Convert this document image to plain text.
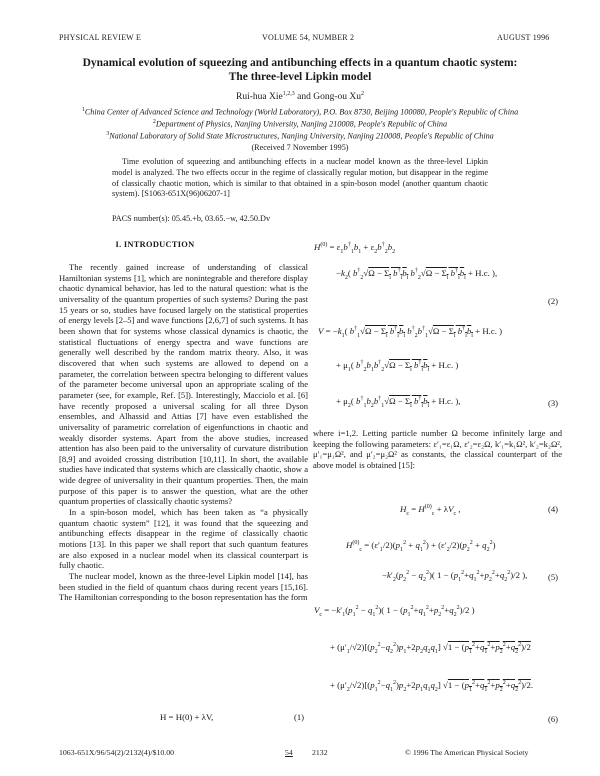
PHYSICAL REVIEW E	VOLUME 54, NUMBER 2	AUGUST 1996
Dynamical evolution of squeezing and antibunching effects in a quantum chaotic system:
The three-level Lipkin model
Rui-hua Xie$^{1,2,3}$ and Gong-ou Xu$^2$
$^1$China Center of Advanced Science and Technology (World Laboratory), P.O. Box 8730, Beijing 100080, People's Republic of China
$^2$Department of Physics, Nanjing University, Nanjing 210008, People's Republic of China
$^3$National Laboratory of Solid State Microstructures, Nanjing University, Nanjing 210008, People's Republic of China
(Received 7 November 1995)

Time evolution of squeezing and antibunching effects in a nuclear model known as the three-level Lipkin model is analyzed. The two effects occur in the regime of classically regular motion, but disappear in the regime of classically chaotic motion, which is similar to that obtained in a spin-boson model (another quantum chaotic system). [S1063-651X(96)06207-1]

PACS number(s): 05.45.+b, 03.65.−w, 42.50.Dv
I. INTRODUCTION

The recently gained increase of understanding of classical Hamiltonian systems [1], which are nonintegrable and therefore display chaotic dynamical behavior, has led to the natural question: what is the universality of the quantum properties of such systems? During the past 15 years or so, studies have focused largely on the statistical properties of energy levels [2–5] and wave functions [2,6,7] of such systems. It has been shown that for systems whose classical dynamics is chaotic, the statistical fluctuations of energy spectra and wave functions are generally well described by the random matrix theory. Also, it was discovered that when such systems are allowed to depend on a parameter, the correlation between spectra belonging to different values of the parameter become universal upon an appropriate scaling of the parameter (see, for example, Ref. [5]). Interestingly, Macciolo et al. [6] have recently proposed a universal scaling for all three Dyson ensembles, and Alhassid and Attias [7] have even established the universality of parametric correlation of eigenfunctions in chaotic and weakly disorder systems. Apart from the above studies, increased attention has also been paid to the universality of curvature distribution [8,9] and avoided crossing distribution [10,11]. In short, the available studies have indicated that systems which are classically chaotic, show a wide degree of universality in their quantum properties. Then, the main purpose of this paper is to answer the question, what are the other quantum properties of classically chaotic systems?

In a spin-boson model, which has been taken as “a physically quantum chaotic system” [12], it was found that the squeezing and antibunching effects disappear in the regime of classically chaotic motions [13]. In this paper we shall report that such quantum features are also exposed in a nuclear model when its classical counterpart is fully chaotic.

The nuclear model, known as the three-level Lipkin model [14], has been studied in the field of quantum chaos during recent years [15,16]. The Hamiltonian corresponding to the boson representation has the form

H = H(0) + λV,	(1)
$H^{(0)} = \varepsilon_1b^\dagger_1b_1 + \varepsilon_2b^\dagger_2b_2$
$-k_2$( $b^\dagger_2√\Omega - \Sigma_i$ $b^\dagger_ib_i$ $b^\dagger_2√\Omega - \Sigma_i$ $b^\dagger_ib_i + H.c$. ),
(2)
$V = -k_1$( $b^\dagger_1√\Omega - \Sigma_i$ $b^\dagger_ib_i$ $b^\dagger_2b^\dagger_1√\Omega - \Sigma_i$ $b^\dagger_ib_i + H.c$. )
+ $\mu_1$( $b^\dagger_2b_1b^\dagger_2√\Omega - \Sigma_i$ $b^\dagger_ib_i + H.c$. )
+ $\mu_2$( $b^\dagger_1b_2b^\dagger_1√\Omega - \Sigma_i$ $b^\dagger_ib_i + H.c$. ),	(3)
where i=1,2. Letting particle number Ω become infinitely large and keeping the following parameters: ε′₁=ε₁Ω, ε′₂=ε₂Ω, k′₁=k₁Ω², k′₂=k₂Ω², μ′₁=μ₁Ω², and μ′₂=μ₂Ω² as constants, the classical counterpart of the above model is obtained [15]:
$H_c = H^{(0)}_c + \lambda V_c$ ,	(4)
$H^{(0)}_c = (\varepsilon'_1/2)(p_1^2 + q_1^2) + (\varepsilon'_2/2)(p_2^2 + q_2^2)$
$-k'_2(p_2^2 - q_2^2)$( $1 - (p_1^2+q_1^2+p_2^2+q_2^2)/2$ ), (5)
$V_c = -k'_1(p_1^2 - q_1^2)$( $1 - (p_1^2+q_1^2+p_2^2+q_2^2)/2$ )
+ $(\mu'_1/√2)[(p_2^2-q_2^2)p_1+2p_2q_2q_1] √1 - (p_1^2+q_1^2+p_2^2+q_2^2)/2$
+ $(\mu'_2/√2)[(p_1^2-q_1^2)p_2+2p_1q_1q_2] √1 - (p_1^2+q_1^2+p_2^2+q_2^2)/2$.
(6)
1063-651X/96/54(2)/2132(4)/$10.00	54 2132	© 1996 The American Physical Society
